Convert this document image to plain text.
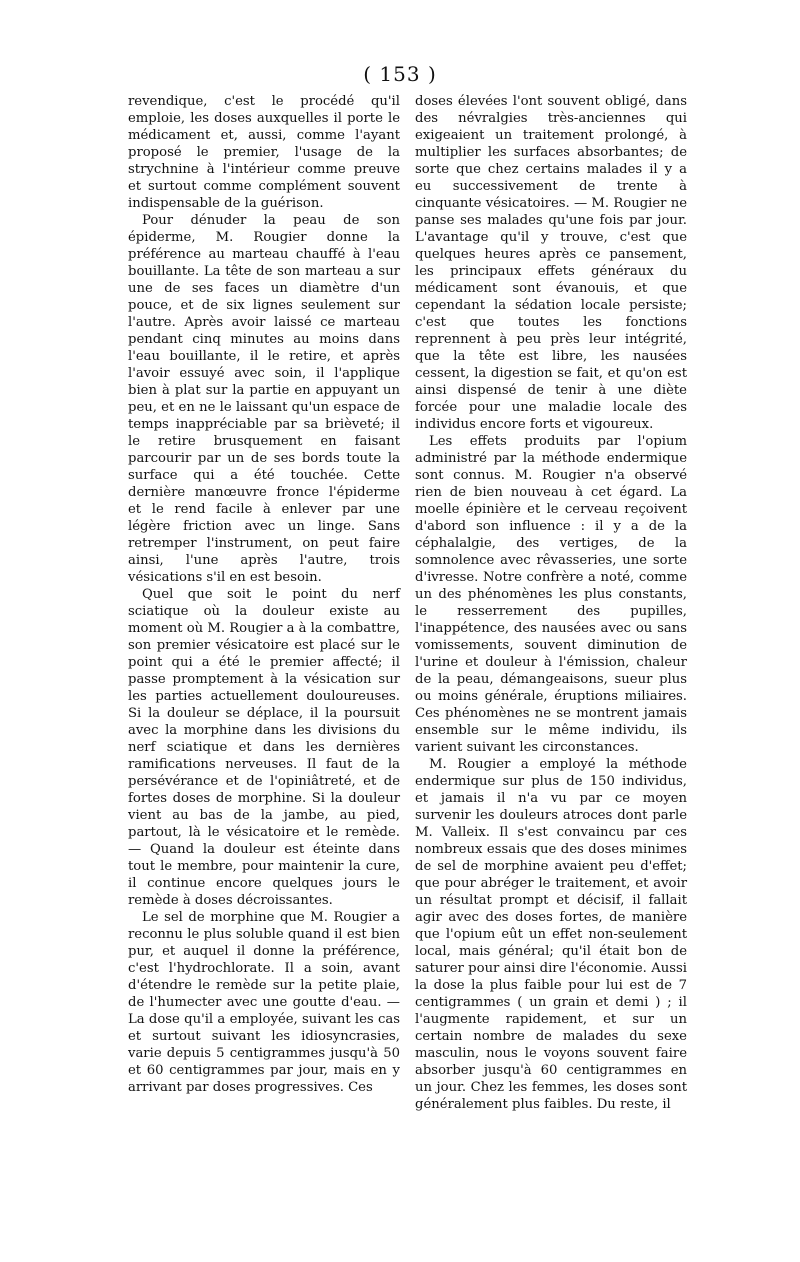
( 153 )

revendique, c'est le procédé qu'il emploie, les doses auxquelles il porte le médicament et, aussi, comme l'ayant proposé le premier, l'usage de la strychnine à l'intérieur comme preuve et surtout comme complément souvent indispensable de la guérison.

Pour dénuder la peau de son épiderme, M. Rougier donne la préférence au marteau chauffé à l'eau bouillante. La tête de son marteau a sur une de ses faces un diamètre d'un pouce, et de six lignes seulement sur l'autre. Après avoir laissé ce marteau pendant cinq minutes au moins dans l'eau bouillante, il le retire, et après l'avoir essuyé avec soin, il l'applique bien à plat sur la partie en appuyant un peu, et en ne le laissant qu'un espace de temps inappréciable par sa brièveté; il le retire brusquement en faisant parcourir par un de ses bords toute la surface qui a été touchée. Cette dernière manœuvre fronce l'épiderme et le rend facile à enlever par une légère friction avec un linge. Sans retremper l'instrument, on peut faire ainsi, l'une après l'autre, trois vésications s'il en est besoin.

Quel que soit le point du nerf sciatique où la douleur existe au moment où M. Rougier a à la combattre, son premier vésicatoire est placé sur le point qui a été le premier affecté; il passe promptement à la vésication sur les parties actuellement douloureuses. Si la douleur se déplace, il la poursuit avec la morphine dans les divisions du nerf sciatique et dans les dernières ramifications nerveuses. Il faut de la persévérance et de l'opiniâtreté, et de fortes doses de morphine. Si la douleur vient au bas de la jambe, au pied, partout, là le vésicatoire et le remède. — Quand la douleur est éteinte dans tout le membre, pour maintenir la cure, il continue encore quelques jours le remède à doses décroissantes.

Le sel de morphine que M. Rougier a reconnu le plus soluble quand il est bien pur, et auquel il donne la préférence, c'est l'hydrochlorate. Il a soin, avant d'étendre le remède sur la petite plaie, de l'humecter avec une goutte d'eau. — La dose qu'il a employée, suivant les cas et surtout suivant les idiosyncrasies, varie depuis 5 centigrammes jusqu'à 50 et 60 centigrammes par jour, mais en y arrivant par doses progressives. Ces

doses élevées l'ont souvent obligé, dans des névralgies très-anciennes qui exigeaient un traitement prolongé, à multiplier les surfaces absorbantes; de sorte que chez certains malades il y a eu successivement de trente à cinquante vésicatoires. — M. Rougier ne panse ses malades qu'une fois par jour. L'avantage qu'il y trouve, c'est que quelques heures après ce pansement, les principaux effets généraux du médicament sont évanouis, et que cependant la sédation locale persiste; c'est que toutes les fonctions reprennent à peu près leur intégrité, que la tête est libre, les nausées cessent, la digestion se fait, et qu'on est ainsi dispensé de tenir à une diète forcée pour une maladie locale des individus encore forts et vigoureux.

Les effets produits par l'opium administré par la méthode endermique sont connus. M. Rougier n'a observé rien de bien nouveau à cet égard. La moelle épinière et le cerveau reçoivent d'abord son influence : il y a de la céphalalgie, des vertiges, de la somnolence avec rêvasseries, une sorte d'ivresse. Notre confrère a noté, comme un des phénomènes les plus constants, le resserrement des pupilles, l'inappétence, des nausées avec ou sans vomissements, souvent diminution de l'urine et douleur à l'émission, chaleur de la peau, démangeaisons, sueur plus ou moins générale, éruptions miliaires. Ces phénomènes ne se montrent jamais ensemble sur le même individu, ils varient suivant les circonstances.

M. Rougier a employé la méthode endermique sur plus de 150 individus, et jamais il n'a vu par ce moyen survenir les douleurs atroces dont parle M. Valleix. Il s'est convaincu par ces nombreux essais que des doses minimes de sel de morphine avaient peu d'effet; que pour abréger le traitement, et avoir un résultat prompt et décisif, il fallait agir avec des doses fortes, de manière que l'opium eût un effet non-seulement local, mais général; qu'il était bon de saturer pour ainsi dire l'économie. Aussi la dose la plus faible pour lui est de 7 centigrammes ( un grain et demi ) ; il l'augmente rapidement, et sur un certain nombre de malades du sexe masculin, nous le voyons souvent faire absorber jusqu'à 60 centigrammes en un jour. Chez les femmes, les doses sont généralement plus faibles. Du reste, il
